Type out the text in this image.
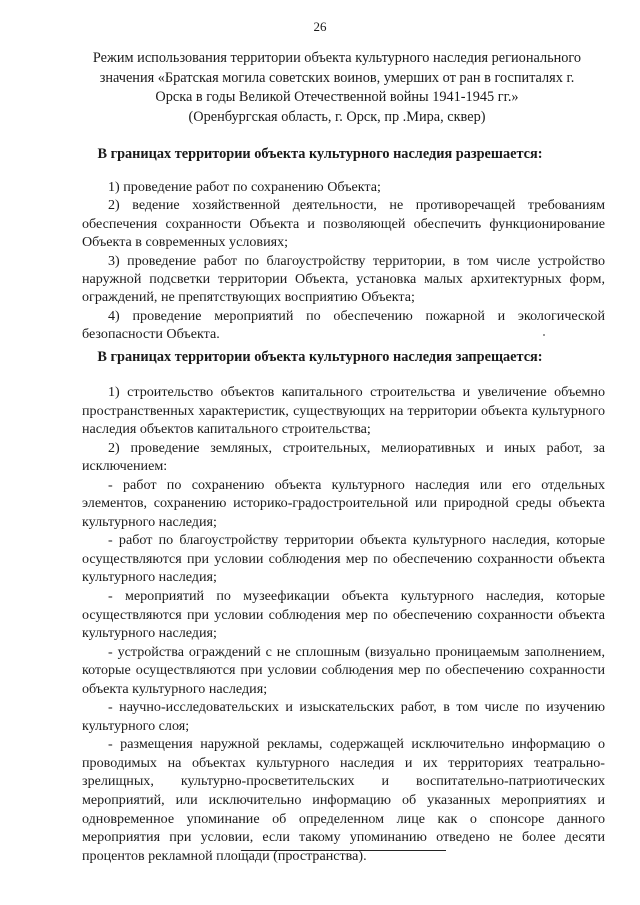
26
Режим использования территории объекта культурного наследия регионального
значения «Братская могила советских воинов, умерших от ран в госпиталях г.
Орска в годы Великой Отечественной войны 1941-1945 гг.»
(Оренбургская область, г. Орск, пр .Мира, сквер)
В границах территории объекта культурного наследия разрешается:
1) проведение работ по сохранению Объекта;
2) ведение хозяйственной деятельности, не противоречащей требованиям обеспечения сохранности Объекта и позволяющей обеспечить функционирование Объекта в современных условиях;
3) проведение работ по благоустройству территории, в том числе устройство наружной подсветки территории Объекта, установка малых архитектурных форм, ограждений, не препятствующих восприятию Объекта;
4) проведение мероприятий по обеспечению пожарной и экологической безопасности Объекта.
В границах территории объекта культурного наследия запрещается:
1) строительство объектов капитального строительства и увеличение объемно пространственных характеристик, существующих на территории объекта культурного наследия объектов капитального строительства;
2) проведение земляных, строительных, мелиоративных и иных работ, за исключением:
- работ по сохранению объекта культурного наследия или его отдельных элементов, сохранению историко-градостроительной или природной среды объекта культурного наследия;
- работ по благоустройству территории объекта культурного наследия, которые осуществляются при условии соблюдения мер по обеспечению сохранности объекта культурного наследия;
- мероприятий по музеефикации объекта культурного наследия, которые осуществляются при условии соблюдения мер по обеспечению сохранности объекта культурного наследия;
- устройства ограждений с не сплошным (визуально проницаемым заполнением, которые осуществляются при условии соблюдения мер по обеспечению сохранности объекта культурного наследия;
- научно-исследовательских и изыскательских работ, в том числе по изучению культурного слоя;
- размещения наружной рекламы, содержащей исключительно информацию о проводимых на объектах культурного наследия и их территориях театрально-зрелищных, культурно-просветительских и воспитательно-патриотических мероприятий, или исключительно информацию об указанных мероприятиях и одновременное упоминание об определенном лице как о спонсоре данного мероприятия при условии, если такому упоминанию отведено не более десяти процентов рекламной площади (пространства).
